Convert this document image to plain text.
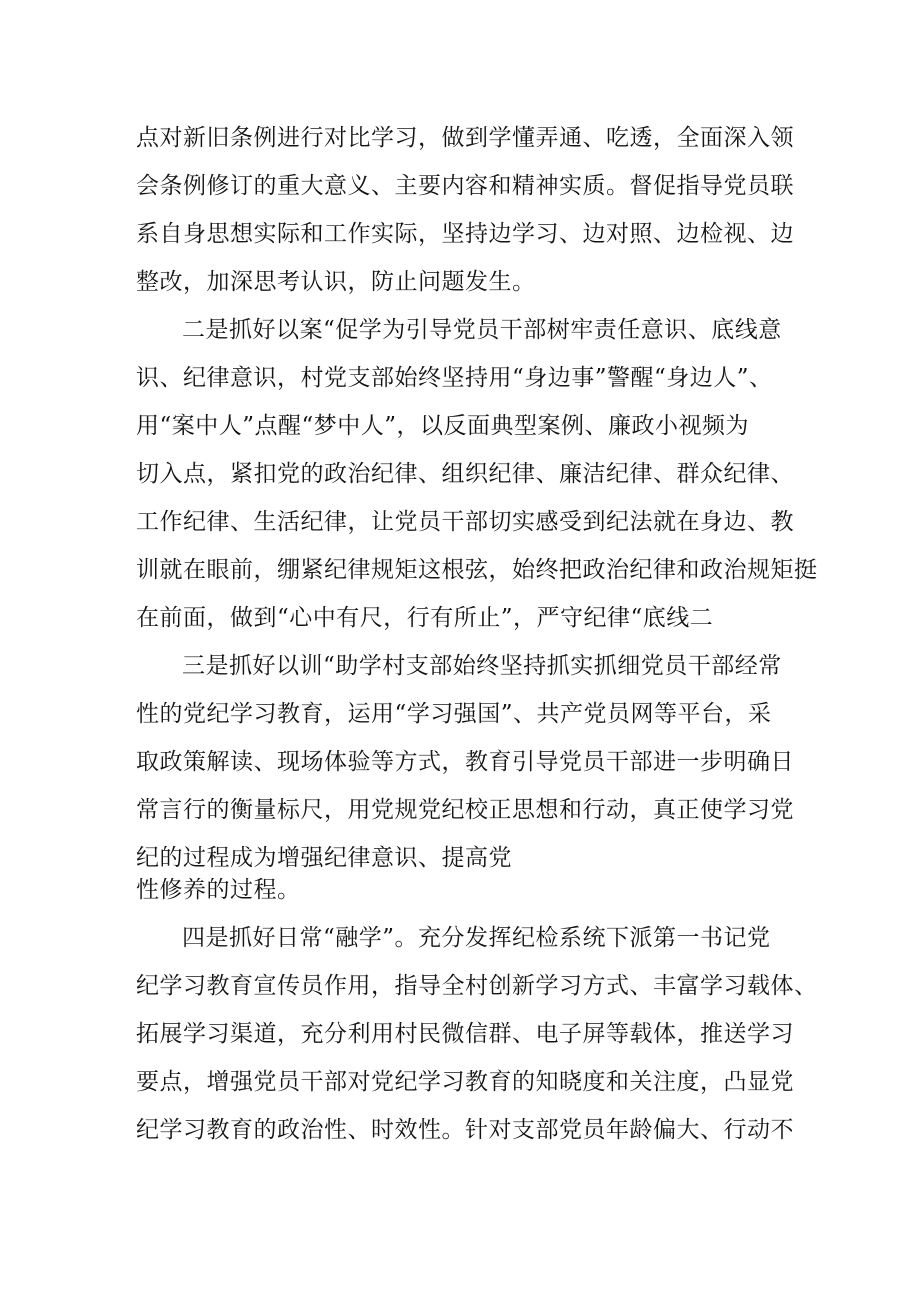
点对新旧条例进行对比学习，做到学懂弄通、吃透，全面深入领
会条例修订的重大意义、主要内容和精神实质。督促指导党员联
系自身思想实际和工作实际，坚持边学习、边对照、边检视、边
整改，加深思考认识，防止问题发生。
二是抓好以案“促学为引导党员干部树牢责任意识、底线意
识、纪律意识，村党支部始终坚持用“身边事”警醒“身边人”、
用“案中人”点醒“梦中人”，以反面典型案例、廉政小视频为
切入点，紧扣党的政治纪律、组织纪律、廉洁纪律、群众纪律、
工作纪律、生活纪律，让党员干部切实感受到纪法就在身边、教
训就在眼前，绷紧纪律规矩这根弦，始终把政治纪律和政治规矩挺
在前面，做到“心中有尺，行有所止”，严守纪律“底线二
三是抓好以训“助学村支部始终坚持抓实抓细党员干部经常
性的党纪学习教育，运用“学习强国”、共产党员网等平台，采
取政策解读、现场体验等方式，教育引导党员干部进一步明确日
常言行的衡量标尺，用党规党纪校正思想和行动，真正使学习党
纪的过程成为增强纪律意识、提高党
性修养的过程。
四是抓好日常“融学”。充分发挥纪检系统下派第一书记党
纪学习教育宣传员作用，指导全村创新学习方式、丰富学习载体、
拓展学习渠道，充分利用村民微信群、电子屏等载体，推送学习
要点，增强党员干部对党纪学习教育的知晓度和关注度，凸显党
纪学习教育的政治性、时效性。针对支部党员年龄偏大、行动不
